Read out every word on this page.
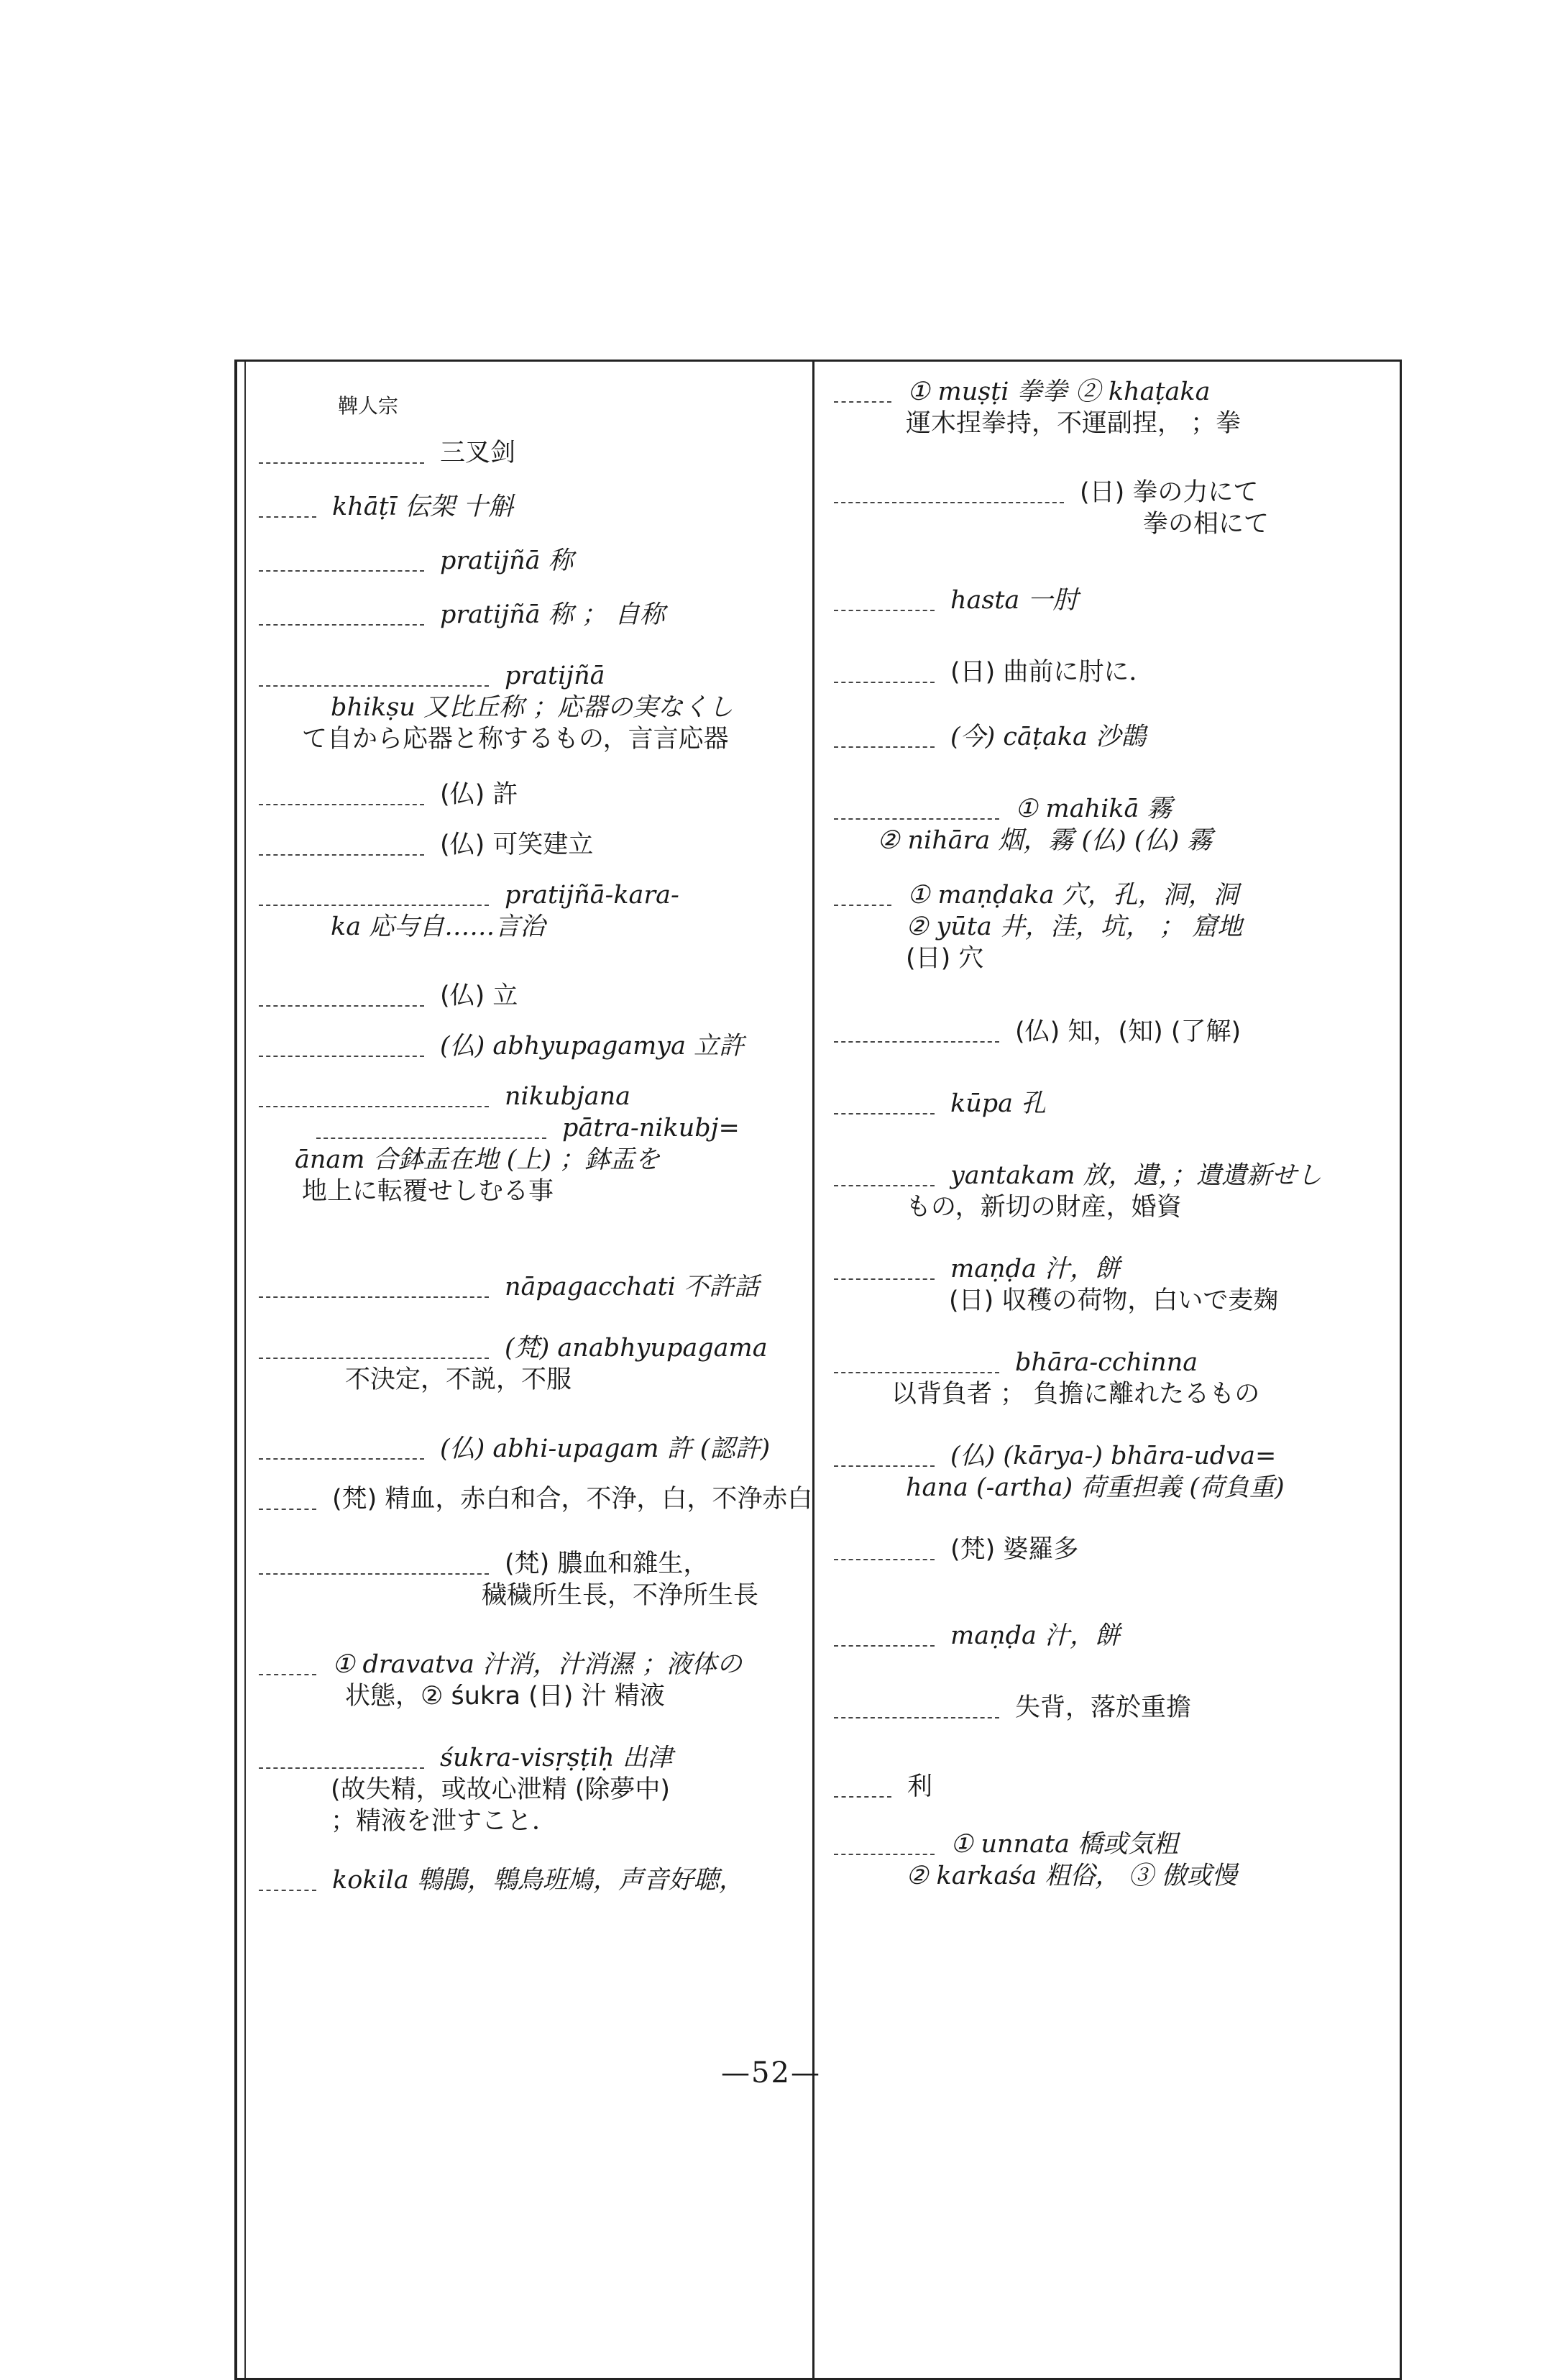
鞞人宗
三叉剑
khāṭī 伝架 十斛
pratijñā 称
pratijñā 称 ； 自称
pratijñā
bhikṣu 又比丘称 ；応器の実なくし
て自から応器と称するもの，言言応器
(仏) 許
(仏) 可笑建立
pratijñā-kara-
ka 応与自……言治
(仏) 立
(仏) abhyupagamya 立許
nikubjana
pātra-nikubj=
ānam 合鉢盂在地 (上) ；鉢盂を
地上に転覆せしむる事
nāpagacchati 不許話
(梵) anabhyupagama
不決定，不説，不服
(仏) abhi-upagam 許 (認許)
(梵) 精血，赤白和合，不浄，白，不浄赤白
(梵) 膿血和雜生，
穢穢所生長，不浄所生長
① dravatva 汁消，汁消濕 ；液体の
状態，② śukra (日) 汁 精液
śukra-visṛṣṭiḥ 出津
(故失精，或故心泄精 (除夢中)
；精液を泄すこと．
kokila 鵯鵑，鵯鳥班鳩，声音好聴，
① muṣṭi 拳拳 ② khaṭaka
運木捏拳持，不運副捏， ；拳
(日) 拳の力にて
拳の相にて
hasta 一肘
(日) 曲前に肘に．
(今) cāṭaka 沙鵲
① mahikā 霧
② nihāra 烟，霧 (仏) (仏) 霧
① maṇḍaka 穴，孔，洞，洞
② yūta 井，洼，坑， ； 窟地
(日) 穴
(仏) 知，(知) (了解)
kūpa 孔
yantakam 放，遺，；遺遺新せし
もの，新切の財産，婚資
maṇḍa 汁，餅
(日) 収穫の荷物，白いで麦麹
bhāra-cchinna
以背負者 ； 負擔に離れたるもの
(仏) (kārya-) bhāra-udva=
hana (-artha) 荷重担義 (荷負重)
(梵) 婆羅多
maṇḍa 汁，餅
失背，落於重擔
利
① unnata 橋或気粗
② karkaśa 粗俗， ③ 傲或慢
—52—
